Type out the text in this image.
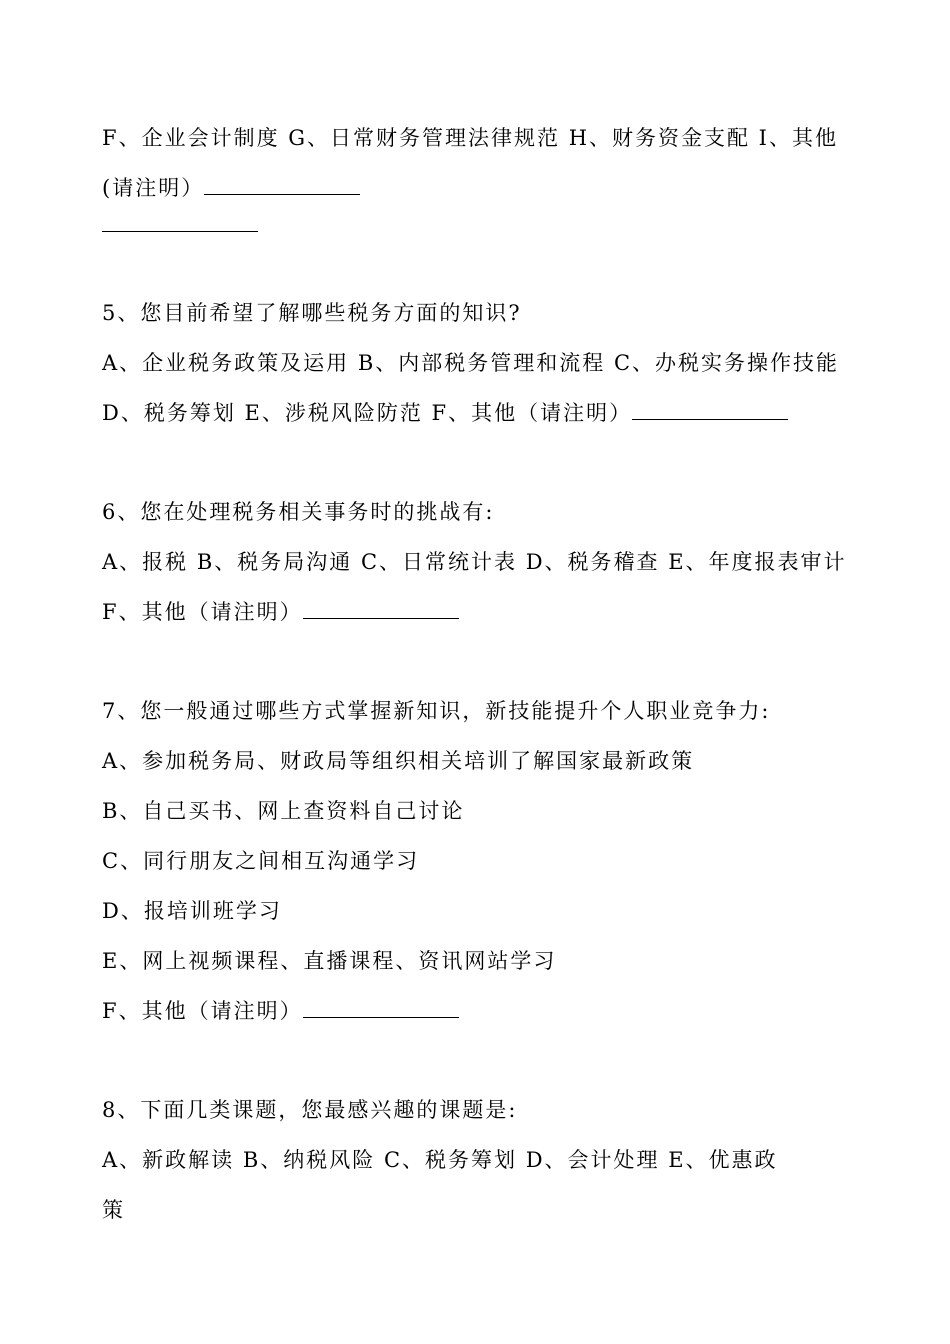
F、企业会计制度 G、日常财务管理法律规范 H、财务资金支配 I、其他
(请注明）
5、您目前希望了解哪些税务方面的知识?
A、企业税务政策及运用 B、内部税务管理和流程 C、办税实务操作技能
D、税务筹划 E、涉税风险防范 F、其他（请注明）
6、您在处理税务相关事务时的挑战有:
A、报税 B、税务局沟通 C、日常统计表 D、税务稽查 E、年度报表审计
F、其他（请注明）
7、您一般通过哪些方式掌握新知识，新技能提升个人职业竞争力:
A、参加税务局、财政局等组织相关培训了解国家最新政策
B、自己买书、网上查资料自己讨论
C、同行朋友之间相互沟通学习
D、报培训班学习
E、网上视频课程、直播课程、资讯网站学习
F、其他（请注明）
8、下面几类课题，您最感兴趣的课题是:
A、新政解读 B、纳税风险 C、税务筹划 D、会计处理 E、优惠政
策
